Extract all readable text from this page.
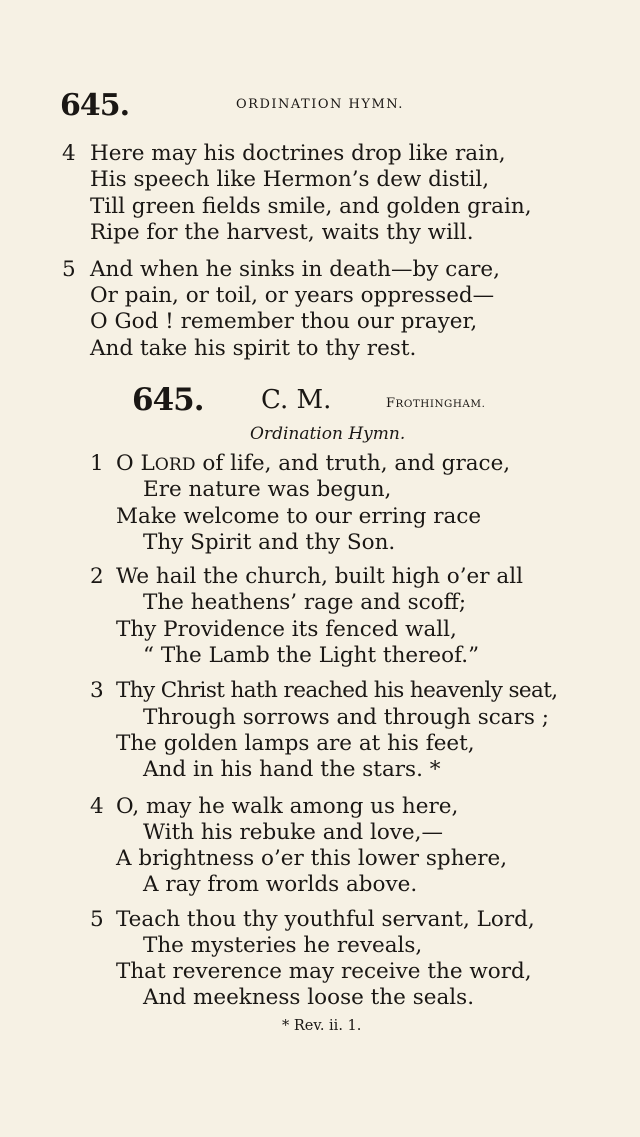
645.	ORDINATION HYMN.
4 Here may his doctrines drop like rain,
His speech like Hermon’s dew distil,
Till green fields smile, and golden grain,
Ripe for the harvest, waits thy will.
5 And when he sinks in death—by care,
Or pain, or toil, or years oppressed—
O God ! remember thou our prayer,
And take his spirit to thy rest.
645. C. M.	FROTHINGHAM.
Ordination Hymn.
1 O LORD of life, and truth, and grace,
Ere nature was begun,
Make welcome to our erring race
Thy Spirit and thy Son.
2 We hail the church, built high o’er all
The heathens’ rage and scoff;
Thy Providence its fenced wall,
“ The Lamb the Light thereof.”
3 Thy Christ hath reached his heavenly seat,
Through sorrows and through scars ;
The golden lamps are at his feet,
And in his hand the stars. *
4 O, may he walk among us here,
With his rebuke and love,—
A brightness o’er this lower sphere,
A ray from worlds above.
5 Teach thou thy youthful servant, Lord,
The mysteries he reveals,
That reverence may receive the word,
And meekness loose the seals.
* Rev. ii. 1.
